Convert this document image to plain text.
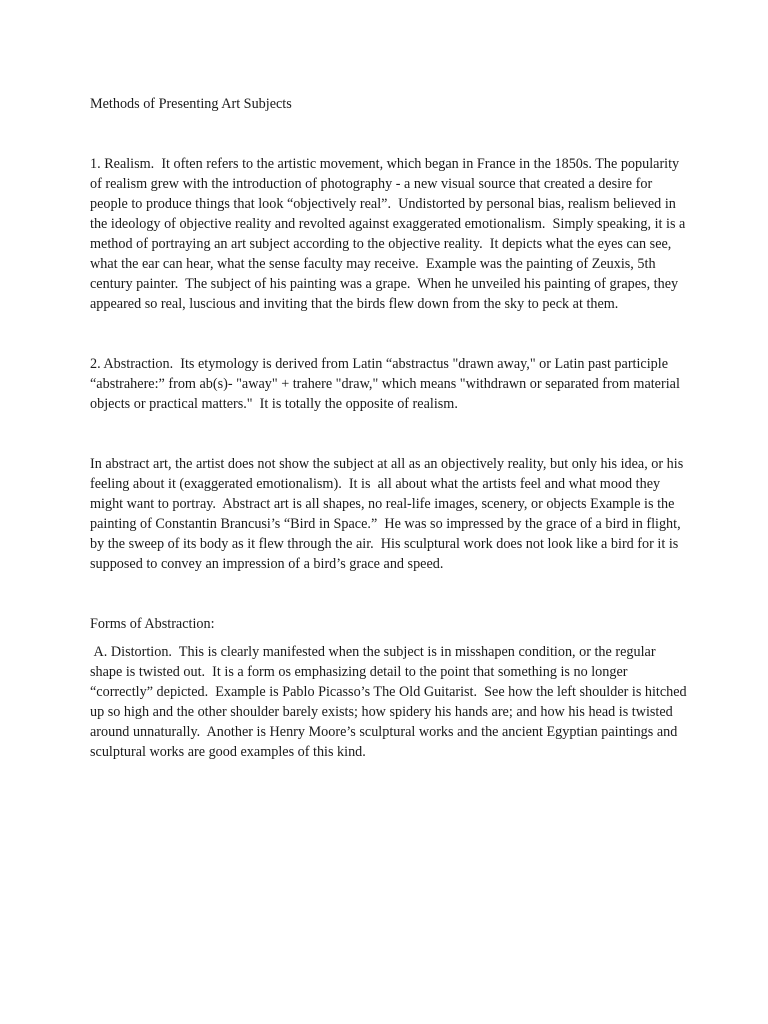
Methods of Presenting Art Subjects

1. Realism.  It often refers to the artistic movement, which began in France in the 1850s. The popularity of realism grew with the introduction of photography - a new visual source that created a desire for people to produce things that look “objectively real”.  Undistorted by personal bias, realism believed in the ideology of objective reality and revolted against exaggerated emotionalism.  Simply speaking, it is a method of portraying an art subject according to the objective reality.  It depicts what the eyes can see, what the ear can hear, what the sense faculty may receive.  Example was the painting of Zeuxis, 5th century painter.  The subject of his painting was a grape.  When he unveiled his painting of grapes, they appeared so real, luscious and inviting that the birds flew down from the sky to peck at them.

2. Abstraction.  Its etymology is derived from Latin “abstractus "drawn away," or Latin past participle “abstrahere:” from ab(s)- "away" + trahere "draw," which means "withdrawn or separated from material objects or practical matters."  It is totally the opposite of realism.

In abstract art, the artist does not show the subject at all as an objectively reality, but only his idea, or his feeling about it (exaggerated emotionalism).  It is  all about what the artists feel and what mood they might want to portray.  Abstract art is all shapes, no real-life images, scenery, or objects Example is the painting of Constantin Brancusi’s “Bird in Space.”  He was so impressed by the grace of a bird in flight, by the sweep of its body as it flew through the air.  His sculptural work does not look like a bird for it is supposed to convey an impression of a bird’s grace and speed.

Forms of Abstraction:

A. Distortion.  This is clearly manifested when the subject is in misshapen condition, or the regular shape is twisted out.  It is a form os emphasizing detail to the point that something is no longer “correctly” depicted.  Example is Pablo Picasso’s The Old Guitarist.  See how the left shoulder is hitched up so high and the other shoulder barely exists; how spidery his hands are; and how his head is twisted around unnaturally.  Another is Henry Moore’s sculptural works and the ancient Egyptian paintings and sculptural works are good examples of this kind.
